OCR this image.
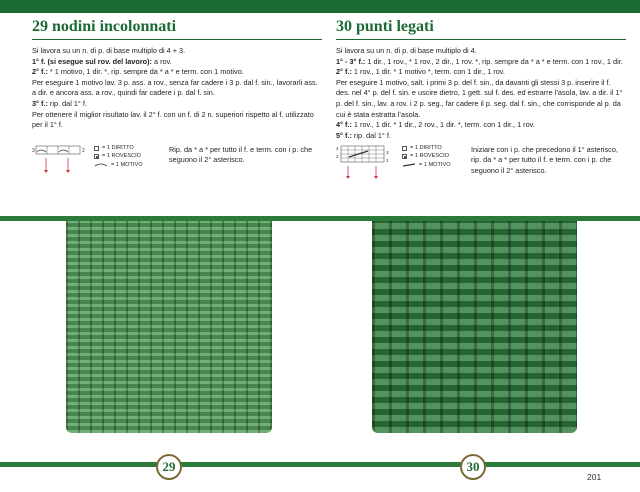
29 nodini incolonnati

Si lavora su un n. di p. di base multiplo di 4 + 3.

1° f. (si esegue sul rov. del lavoro): a rov.

2° f.: * 1 motivo, 1 dir. *, rip. sempre da * a * e term. con 1 motivo.

Per eseguire 1 motivo lav. 3 p. ass. a rov., senza far cadere i 3 p. dal f. sin., lavorarli ass. a dir. e ancora ass. a rov., quindi far cadere i p. dal f. sin.

3° f.: rip. dal 1° f.

Per ottenere il miglior risultato lav. il 2° f. con un f. di 2 n. superiori rispetto al f. utilizzato per il 1° f.

3	2	= 1 DIRITTO
= 1 ROVESCIO
= 1 MOTIVO
Rip. da * a * per tutto il f. e term. con i p. che seguono il 2° asterisco.
30 punti legati

Si lavora su un n. di p. di base multiplo di 4.

1° - 3° f.: 1 dir., 1 rov., * 1 rov., 2 dir., 1 rov. *, rip. sempre da * a * e term. con 1 rov., 1 dir.

2° f.: 1 rov., 1 dir. * 1 motivo *, term. con 1 dir., 1 rov.

Per eseguire 1 motivo, salt. i primi 3 p. del f. sin., da davanti gli stessi 3 p. inserire il f. des. nel 4° p. del f. sin. e uscire dietro, 1 gett. sul f. des. ed estrarre l’asola, lav. a dir. il 1° p. del f. sin., lav. a rov. i 2 p. seg., far cadere il p. seg. dal f. sin., che corrisponde al p. da cui è stata estratta l’asola.

4° f.: 1 rov., 1 dir. * 1 dir., 2 rov., 1 dir. *, term. con 1 dir., 1 rov.

5° f.: rip. dal 1° f.

4
3
2
1
= 1 DIRITTO
= 1 ROVESCIO
= 1 MOTIVO
Iniziare con i p. che precedono il 1° asterisco, rip. da * a * per tutto il f. e term. con i p. che seguono il 2° asterisco.
29	30
201
